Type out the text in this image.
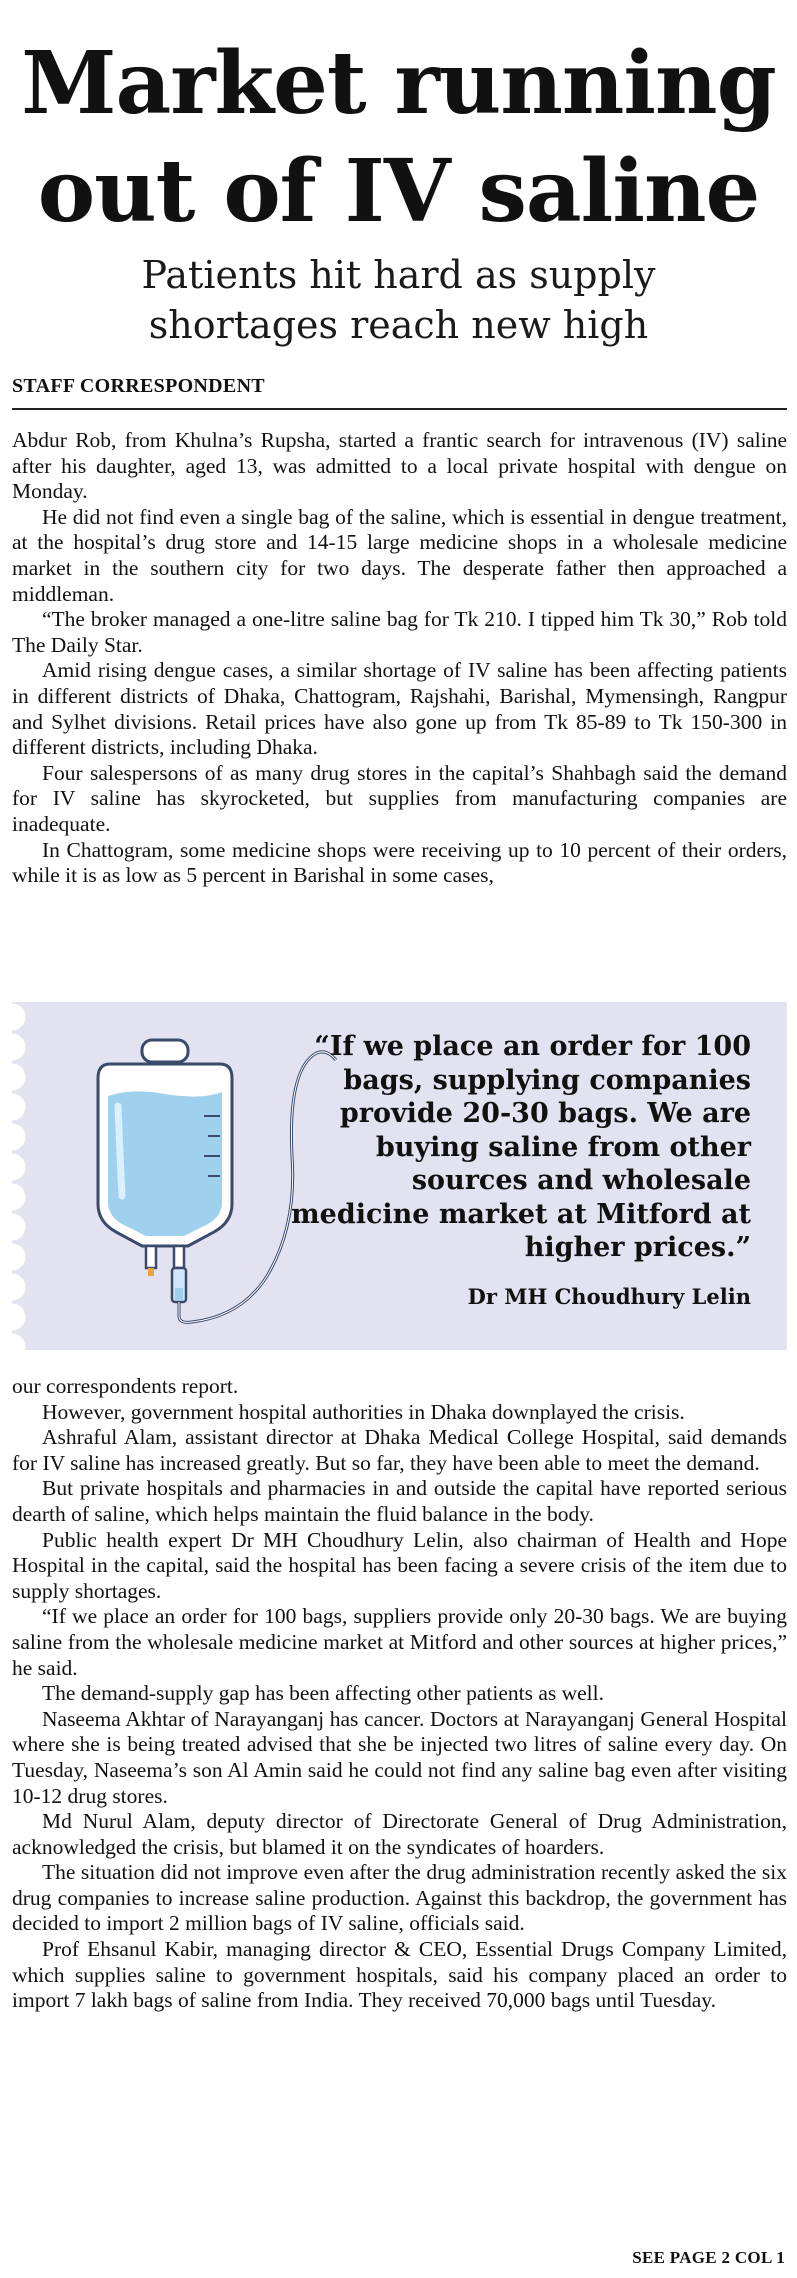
Market running
out of IV saline
Patients hit hard as supply
shortages reach new high
STAFF CORRESPONDENT

Abdur Rob, from Khulna’s Rupsha, started a frantic search for intravenous (IV) saline after his daughter, aged 13, was admitted to a local private hospital with dengue on Monday.

He did not find even a single bag of the saline, which is essential in dengue treatment, at the hospital’s drug store and 14-15 large medicine shops in a wholesale medicine market in the southern city for two days. The desperate father then approached a middleman.

“The broker managed a one-litre saline bag for Tk 210. I tipped him Tk 30,” Rob told The Daily Star.

Amid rising dengue cases, a similar shortage of IV saline has been affecting patients in different districts of Dhaka, Chattogram, Rajshahi, Barishal, Mymensingh, Rangpur and Sylhet divisions. Retail prices have also gone up from Tk 85-89 to Tk 150-300 in different districts, including Dhaka.

Four salespersons of as many drug stores in the capital’s Shahbagh said the demand for IV saline has skyrocketed, but supplies from manufacturing companies are inadequate.

In Chattogram, some medicine shops were receiving up to 10 percent of their orders, while it is as low as 5 percent in Barishal in some cases,

“If we place an order for 100 bags, supplying companies provide 20-30 bags. We are buying saline from other sources and wholesale medicine market at Mitford at higher prices.”
Dr MH Choudhury Lelin

our correspondents report.

However, government hospital authorities in Dhaka downplayed the crisis.

Ashraful Alam, assistant director at Dhaka Medical College Hospital, said demands for IV saline has increased greatly. But so far, they have been able to meet the demand.

But private hospitals and pharmacies in and outside the capital have reported serious dearth of saline, which helps maintain the fluid balance in the body.

Public health expert Dr MH Choudhury Lelin, also chairman of Health and Hope Hospital in the capital, said the hospital has been facing a severe crisis of the item due to supply shortages.

“If we place an order for 100 bags, suppliers provide only 20-30 bags. We are buying saline from the wholesale medicine market at Mitford and other sources at higher prices,” he said.

The demand-supply gap has been affecting other patients as well.

Naseema Akhtar of Narayanganj has cancer. Doctors at Narayanganj General Hospital where she is being treated advised that she be injected two litres of saline every day. On Tuesday, Naseema’s son Al Amin said he could not find any saline bag even after visiting 10-12 drug stores.

Md Nurul Alam, deputy director of Directorate General of Drug Administration, acknowledged the crisis, but blamed it on the syndicates of hoarders.

The situation did not improve even after the drug administration recently asked the six drug companies to increase saline production. Against this backdrop, the government has decided to import 2 million bags of IV saline, officials said.

Prof Ehsanul Kabir, managing director & CEO, Essential Drugs Company Limited, which supplies saline to government hospitals, said his company placed an order to import 7 lakh bags of saline from India. They received 70,000 bags until Tuesday.

SEE PAGE 2 COL 1
